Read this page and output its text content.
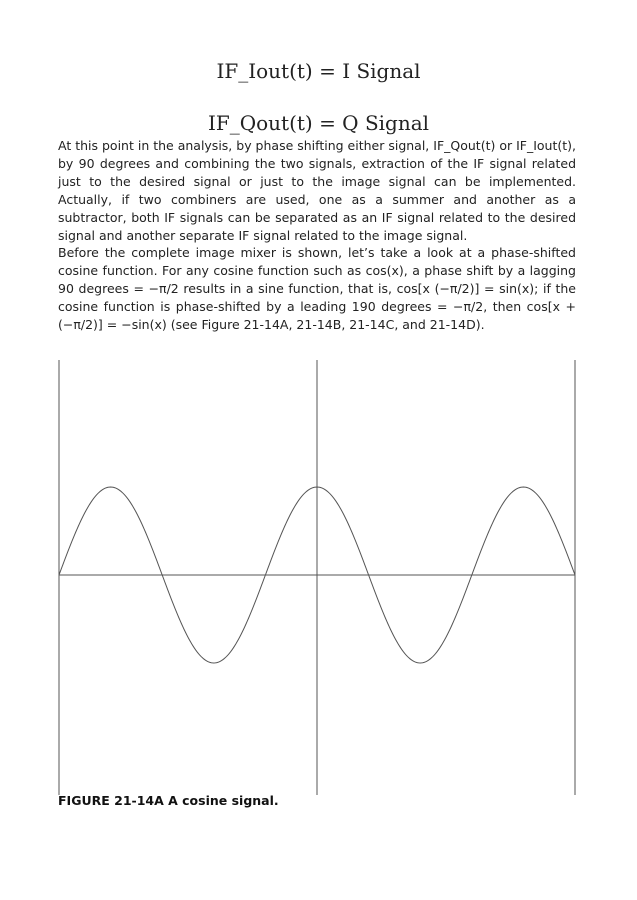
IF_Iout(t) = I Signal
IF_Qout(t) = Q Signal

At this point in the analysis, by phase shifting either signal, IF_Qout(t) or IF_Iout(t), by 90 degrees and combining the two signals, extraction of the IF signal related just to the desired signal or just to the image signal can be implemented. Actually, if two combiners are used, one as a summer and another as a subtractor, both IF signals can be separated as an IF signal related to the desired signal and another separate IF signal related to the image signal.

Before the complete image mixer is shown, let’s take a look at a phase-shifted cosine function. For any cosine function such as cos(x), a phase shift by a lagging 90 degrees = −π/2 results in a sine function, that is, cos[x (−π/2)] = sin(x); if the cosine function is phase-shifted by a leading 190 degrees = −π/2, then cos[x + (−π/2)] = −sin(x) (see Figure 21-14A, 21-14B, 21-14C, and 21-14D).

FIGURE 21-14A A cosine signal.
